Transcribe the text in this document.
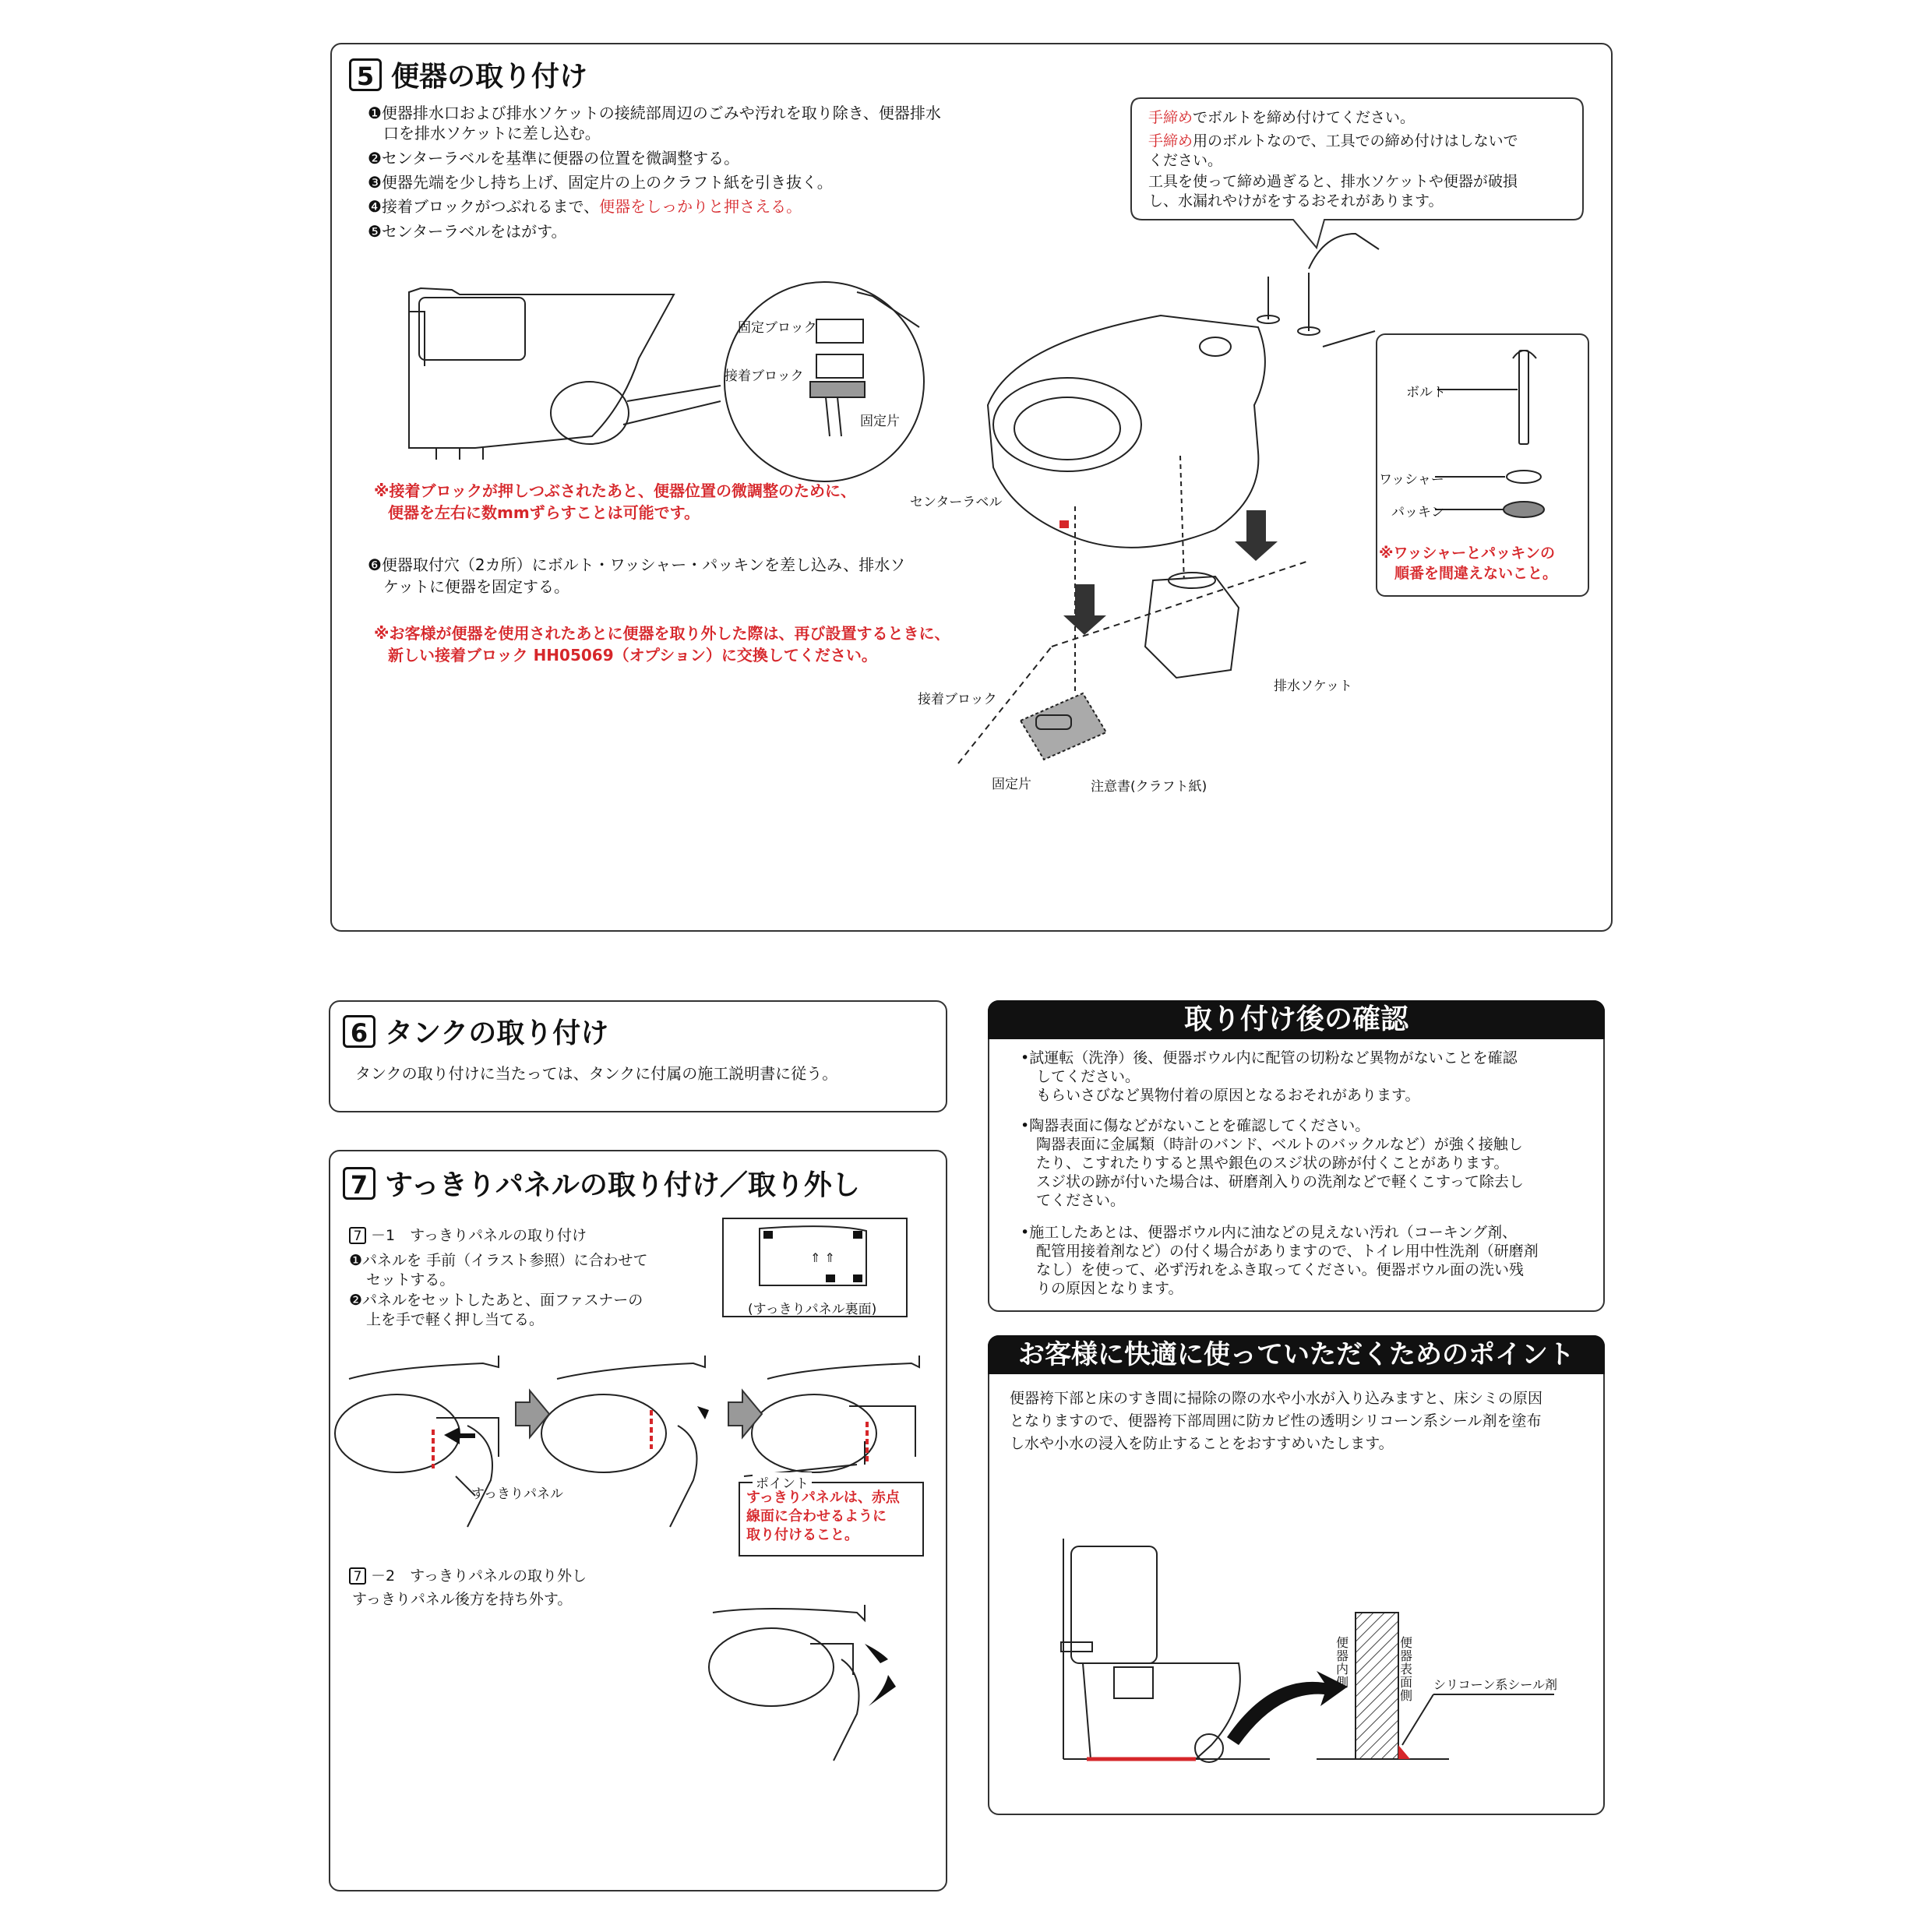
5 便器の取り付け
❶便器排水口および排水ソケットの接続部周辺のごみや汚れを取り除き、便器排水
口を排水ソケットに差し込む。
❷センターラベルを基準に便器の位置を微調整する。
❸便器先端を少し持ち上げ、固定片の上のクラフト紙を引き抜く。
❹接着ブロックがつぶれるまで、便器をしっかりと押さえる。
❺センターラベルをはがす。
※接着ブロックが押しつぶされたあと、便器位置の微調整のために、
便器を左右に数mmずらすことは可能です。
❻便器取付穴（2カ所）にボルト・ワッシャー・パッキンを差し込み、排水ソ
ケットに便器を固定する。
※お客様が便器を使用されたあとに便器を取り外した際は、再び設置するときに、
新しい接着ブロック HH05069（オプション）に交換してください。
手締めでボルトを締め付けてください。
手締め用のボルトなので、工具での締め付けはしないで
ください。
工具を使って締め過ぎると、排水ソケットや便器が破損
し、水漏れやけがをするおそれがあります。
固定ブロック
接着ブロック
固定片
センターラベル
排水ソケット
接着ブロック
固定片	注意書(クラフト紙)
ボルト
ワッシャー
パッキン
※ワッシャーとパッキンの
順番を間違えないこと。
6 タンクの取り付け
タンクの取り付けに当たっては、タンクに付属の施工説明書に従う。
7 すっきりパネルの取り付け／取り外し
7 －1　すっきりパネルの取り付け
❶パネルを 手前（イラスト参照）に合わせて
セットする。
❷パネルをセットしたあと、面ファスナーの
上を手で軽く押し当てる。
⇑ ⇑
(すっきりパネル裏面)
すっきりパネル
ポイント
すっきりパネルは、赤点
線面に合わせるように
取り付けること。
7 －2　すっきりパネルの取り外し
すっきりパネル後方を持ち外す。
取り付け後の確認
•試運転（洗浄）後、便器ボウル内に配管の切粉など異物がないことを確認
してください。
もらいさびなど異物付着の原因となるおそれがあります。
•陶器表面に傷などがないことを確認してください。
陶器表面に金属類（時計のバンド、ベルトのバックルなど）が強く接触し
たり、こすれたりすると黒や銀色のスジ状の跡が付くことがあります。
スジ状の跡が付いた場合は、研磨剤入りの洗剤などで軽くこすって除去し
てください。
•施工したあとは、便器ボウル内に油などの見えない汚れ（コーキング剤、
配管用接着剤など）の付く場合がありますので、トイレ用中性洗剤（研磨剤
なし）を使って、必ず汚れをふき取ってください。便器ボウル面の洗い残
りの原因となります。
お客様に快適に使っていただくためのポイント
便器袴下部と床のすき間に掃除の際の水や小水が入り込みますと、床シミの原因
となりますので、便器袴下部周囲に防カビ性の透明シリコーン系シール剤を塗布
し水や小水の浸入を防止することをおすすめいたします。
便器内側
便器表面側
シリコーン系シール剤
